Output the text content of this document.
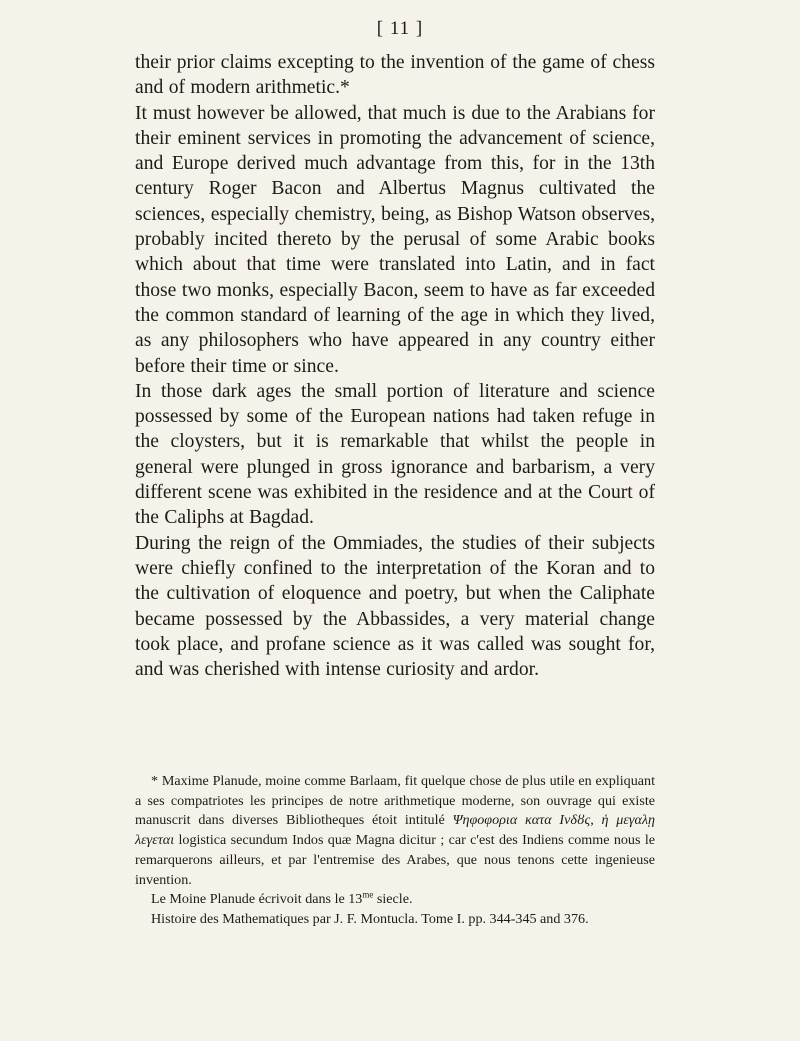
[ 11 ]

their prior claims excepting to the invention of the game of chess and of modern arithmetic.*

It must however be allowed, that much is due to the Arabians for their eminent services in promoting the advancement of science, and Europe derived much advantage from this, for in the 13th century Roger Bacon and Albertus Magnus cultivated the sciences, especially chemistry, being, as Bishop Watson observes, probably incited thereto by the perusal of some Arabic books which about that time were translated into Latin, and in fact those two monks, especially Bacon, seem to have as far exceeded the common standard of learning of the age in which they lived, as any philosophers who have appeared in any country either before their time or since.

In those dark ages the small portion of literature and science possessed by some of the European nations had taken refuge in the cloysters, but it is remarkable that whilst the people in general were plunged in gross ignorance and barbarism, a very different scene was exhibited in the residence and at the Court of the Caliphs at Bagdad.

During the reign of the Ommiades, the studies of their subjects were chiefly confined to the interpretation of the Koran and to the cultivation of eloquence and poetry, but when the Caliphate became possessed by the Abbassides, a very material change took place, and profane science as it was called was sought for, and was cherished with intense curiosity and ardor.

* Maxime Planude, moine comme Barlaam, fit quelque chose de plus utile en expliquant a ses compatriotes les principes de notre arithmetique moderne, son ouvrage qui existe manuscrit dans diverses Bibliotheques étoit intitulé Ψηφοφορια κατα Ινδȣς, ἡ μεγαλῃ λεγεται logistica secundum Indos quæ Magna dicitur ; car c'est des Indiens comme nous le remarquerons ailleurs, et par l'entremise des Arabes, que nous tenons cette ingenieuse invention.

Le Moine Planude écrivoit dans le $13^{me}$ siecle.

Histoire des Mathematiques par J. F. Montucla. Tome I. pp. 344-345 and 376.
